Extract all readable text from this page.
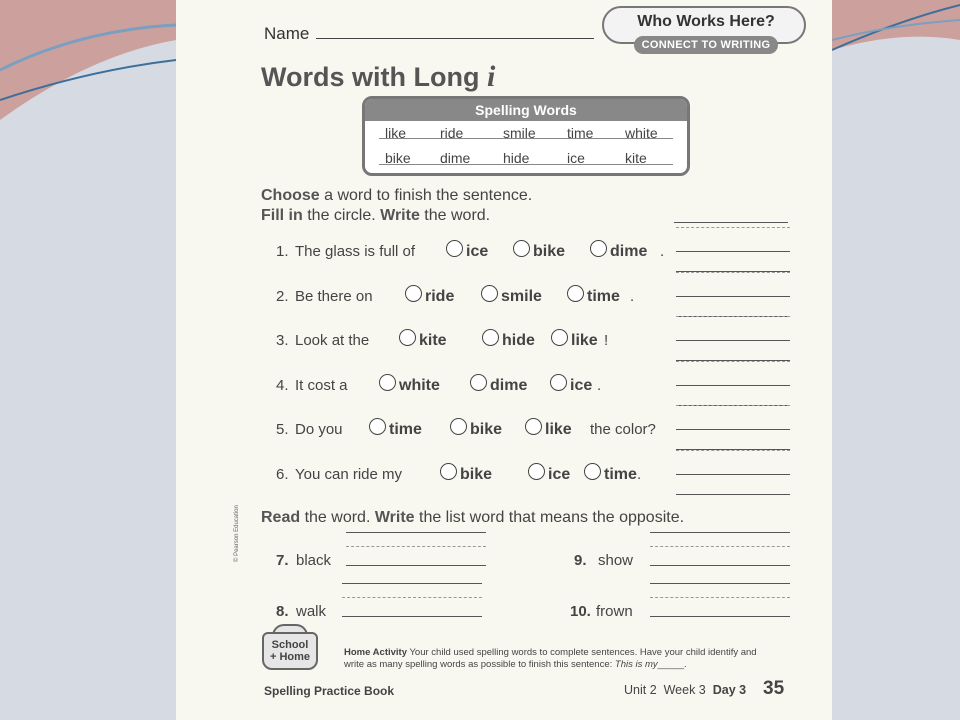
Name
Who Works Here?
CONNECT TO WRITING
Words with Long i
Spelling Words
like ride	smile time white
bike dime hide	ice	kite
Choose a word to finish the sentence.
Fill in the circle. Write the word.
1. The glass is full of	ice	bike	dime .
2. Be there on	ride	smile	time .
3. Look at the	kite	hide	like !
4. It cost a	white	dime	ice .
5. Do you	time	bike	like the color?
6. You can ride my	bike	ice	time .
Read the word. Write the list word that means the opposite.
7. black
8. walk
9. show
10. frown
© Pearson Education
School
+ Home	Home Activity Your child used spelling words to complete sentences. Have your child identify and write as many spelling words as possible to finish this sentence: This is my_____.
Spelling Practice Book	Unit 2 Week 3 Day 3 35
